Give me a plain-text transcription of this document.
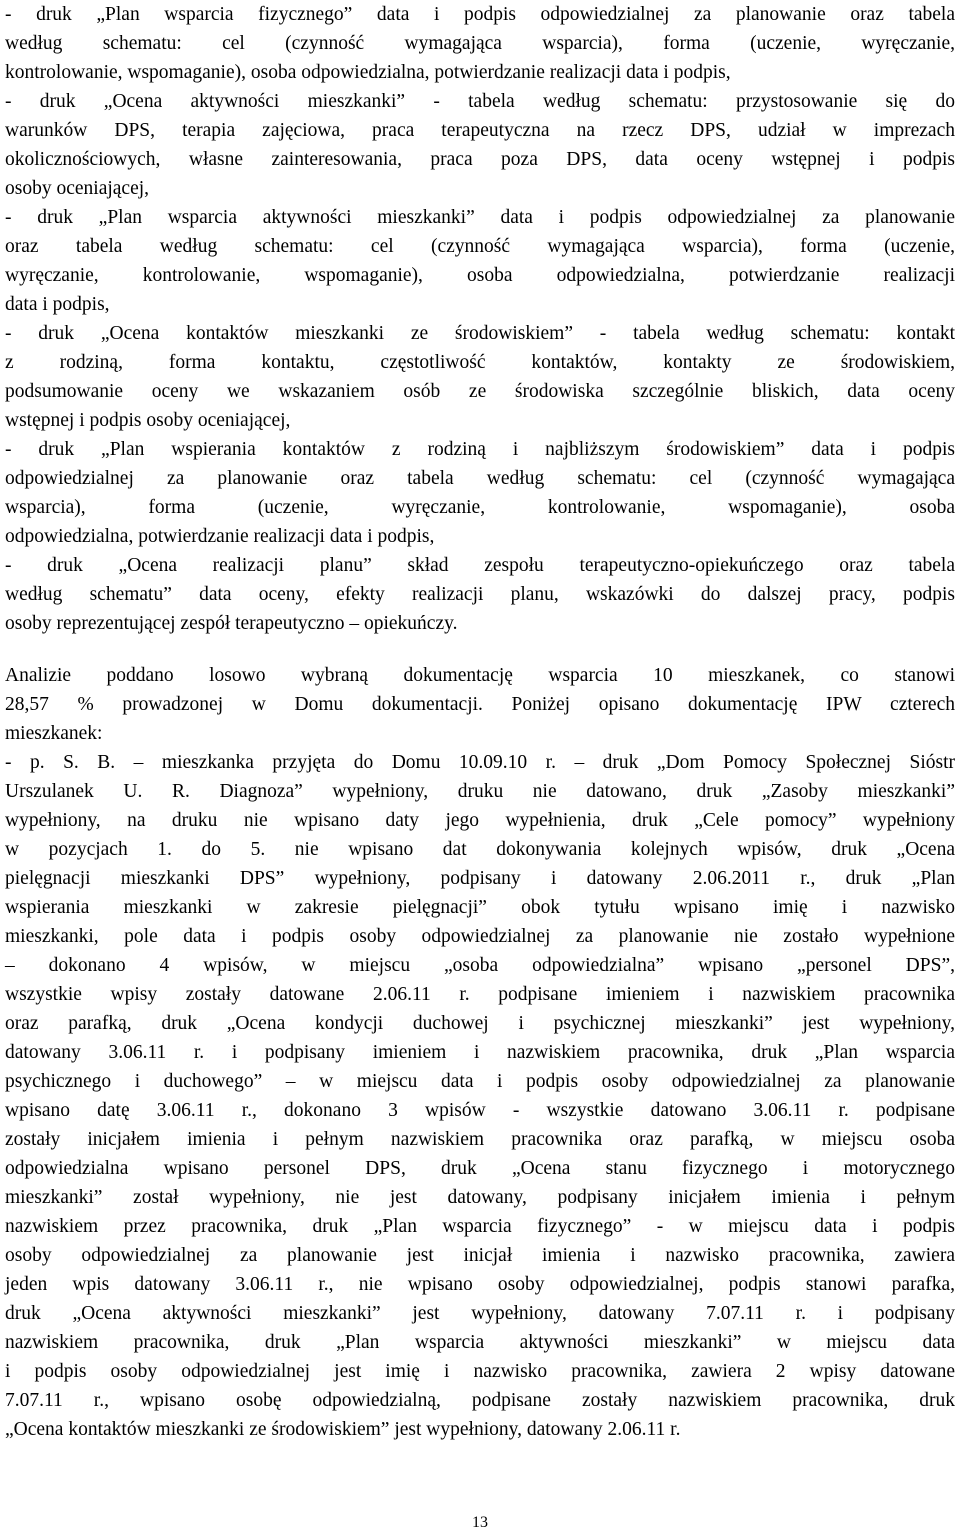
- druk „Plan wsparcia fizycznego” data i podpis odpowiedzialnej za planowanie oraz tabela
według schematu: cel (czynność wymagająca wsparcia), forma (uczenie, wyręczanie,
kontrolowanie, wspomaganie), osoba odpowiedzialna, potwierdzanie realizacji data i podpis,
- druk „Ocena aktywności mieszkanki” - tabela według schematu: przystosowanie się do
warunków DPS, terapia zajęciowa, praca terapeutyczna na rzecz DPS, udział w imprezach
okolicznościowych, własne zainteresowania, praca poza DPS, data oceny wstępnej i podpis
osoby oceniającej,
- druk „Plan wsparcia aktywności mieszkanki” data i podpis odpowiedzialnej za planowanie
oraz tabela według schematu: cel (czynność wymagająca wsparcia), forma (uczenie,
wyręczanie, kontrolowanie, wspomaganie), osoba odpowiedzialna, potwierdzanie realizacji
data i podpis,
- druk „Ocena kontaktów mieszkanki ze środowiskiem” - tabela według schematu: kontakt
z rodziną, forma kontaktu, częstotliwość kontaktów, kontakty ze środowiskiem,
podsumowanie oceny we wskazaniem osób ze środowiska szczególnie bliskich, data oceny
wstępnej i podpis osoby oceniającej,
- druk „Plan wspierania kontaktów z rodziną i najbliższym środowiskiem” data i podpis
odpowiedzialnej za planowanie oraz tabela według schematu: cel (czynność wymagająca
wsparcia), forma (uczenie, wyręczanie, kontrolowanie, wspomaganie), osoba
odpowiedzialna, potwierdzanie realizacji data i podpis,
- druk „Ocena realizacji planu” skład zespołu terapeutyczno-opiekuńczego oraz tabela
według schematu” data oceny, efekty realizacji planu, wskazówki do dalszej pracy, podpis
osoby reprezentującej zespół terapeutyczno – opiekuńczy.
Analizie poddano losowo wybraną dokumentację wsparcia 10 mieszkanek, co stanowi
28,57 % prowadzonej w Domu dokumentacji. Poniżej opisano dokumentację IPW czterech
mieszkanek:
- p. S. B. – mieszkanka przyjęta do Domu 10.09.10 r. – druk „Dom Pomocy Społecznej Sióstr
Urszulanek U. R. Diagnoza” wypełniony, druku nie datowano, druk „Zasoby mieszkanki”
wypełniony, na druku nie wpisano daty jego wypełnienia, druk „Cele pomocy” wypełniony
w pozycjach 1. do 5. nie wpisano dat dokonywania kolejnych wpisów, druk „Ocena
pielęgnacji mieszkanki DPS” wypełniony, podpisany i datowany 2.06.2011 r., druk „Plan
wspierania mieszkanki w zakresie pielęgnacji” obok tytułu wpisano imię i nazwisko
mieszkanki, pole data i podpis osoby odpowiedzialnej za planowanie nie zostało wypełnione
– dokonano 4 wpisów, w miejscu „osoba odpowiedzialna” wpisano „personel DPS”,
wszystkie wpisy zostały datowane 2.06.11 r. podpisane imieniem i nazwiskiem pracownika
oraz parafką, druk „Ocena kondycji duchowej i psychicznej mieszkanki” jest wypełniony,
datowany 3.06.11 r. i podpisany imieniem i nazwiskiem pracownika, druk „Plan wsparcia
psychicznego i duchowego” – w miejscu data i podpis osoby odpowiedzialnej za planowanie
wpisano datę 3.06.11 r., dokonano 3 wpisów - wszystkie datowano 3.06.11 r. podpisane
zostały inicjałem imienia i pełnym nazwiskiem pracownika oraz parafką, w miejscu osoba
odpowiedzialna wpisano personel DPS, druk „Ocena stanu fizycznego i motorycznego
mieszkanki” został wypełniony, nie jest datowany, podpisany inicjałem imienia i pełnym
nazwiskiem przez pracownika, druk „Plan wsparcia fizycznego” - w miejscu data i podpis
osoby odpowiedzialnej za planowanie jest inicjał imienia i nazwisko pracownika, zawiera
jeden wpis datowany 3.06.11 r., nie wpisano osoby odpowiedzialnej, podpis stanowi parafka,
druk „Ocena aktywności mieszkanki” jest wypełniony, datowany 7.07.11 r. i podpisany
nazwiskiem pracownika, druk „Plan wsparcia aktywności mieszkanki” w miejscu data
i podpis osoby odpowiedzialnej jest imię i nazwisko pracownika, zawiera 2 wpisy datowane
7.07.11 r., wpisano osobę odpowiedzialną, podpisane zostały nazwiskiem pracownika, druk
„Ocena kontaktów mieszkanki ze środowiskiem” jest wypełniony, datowany 2.06.11 r.
13
